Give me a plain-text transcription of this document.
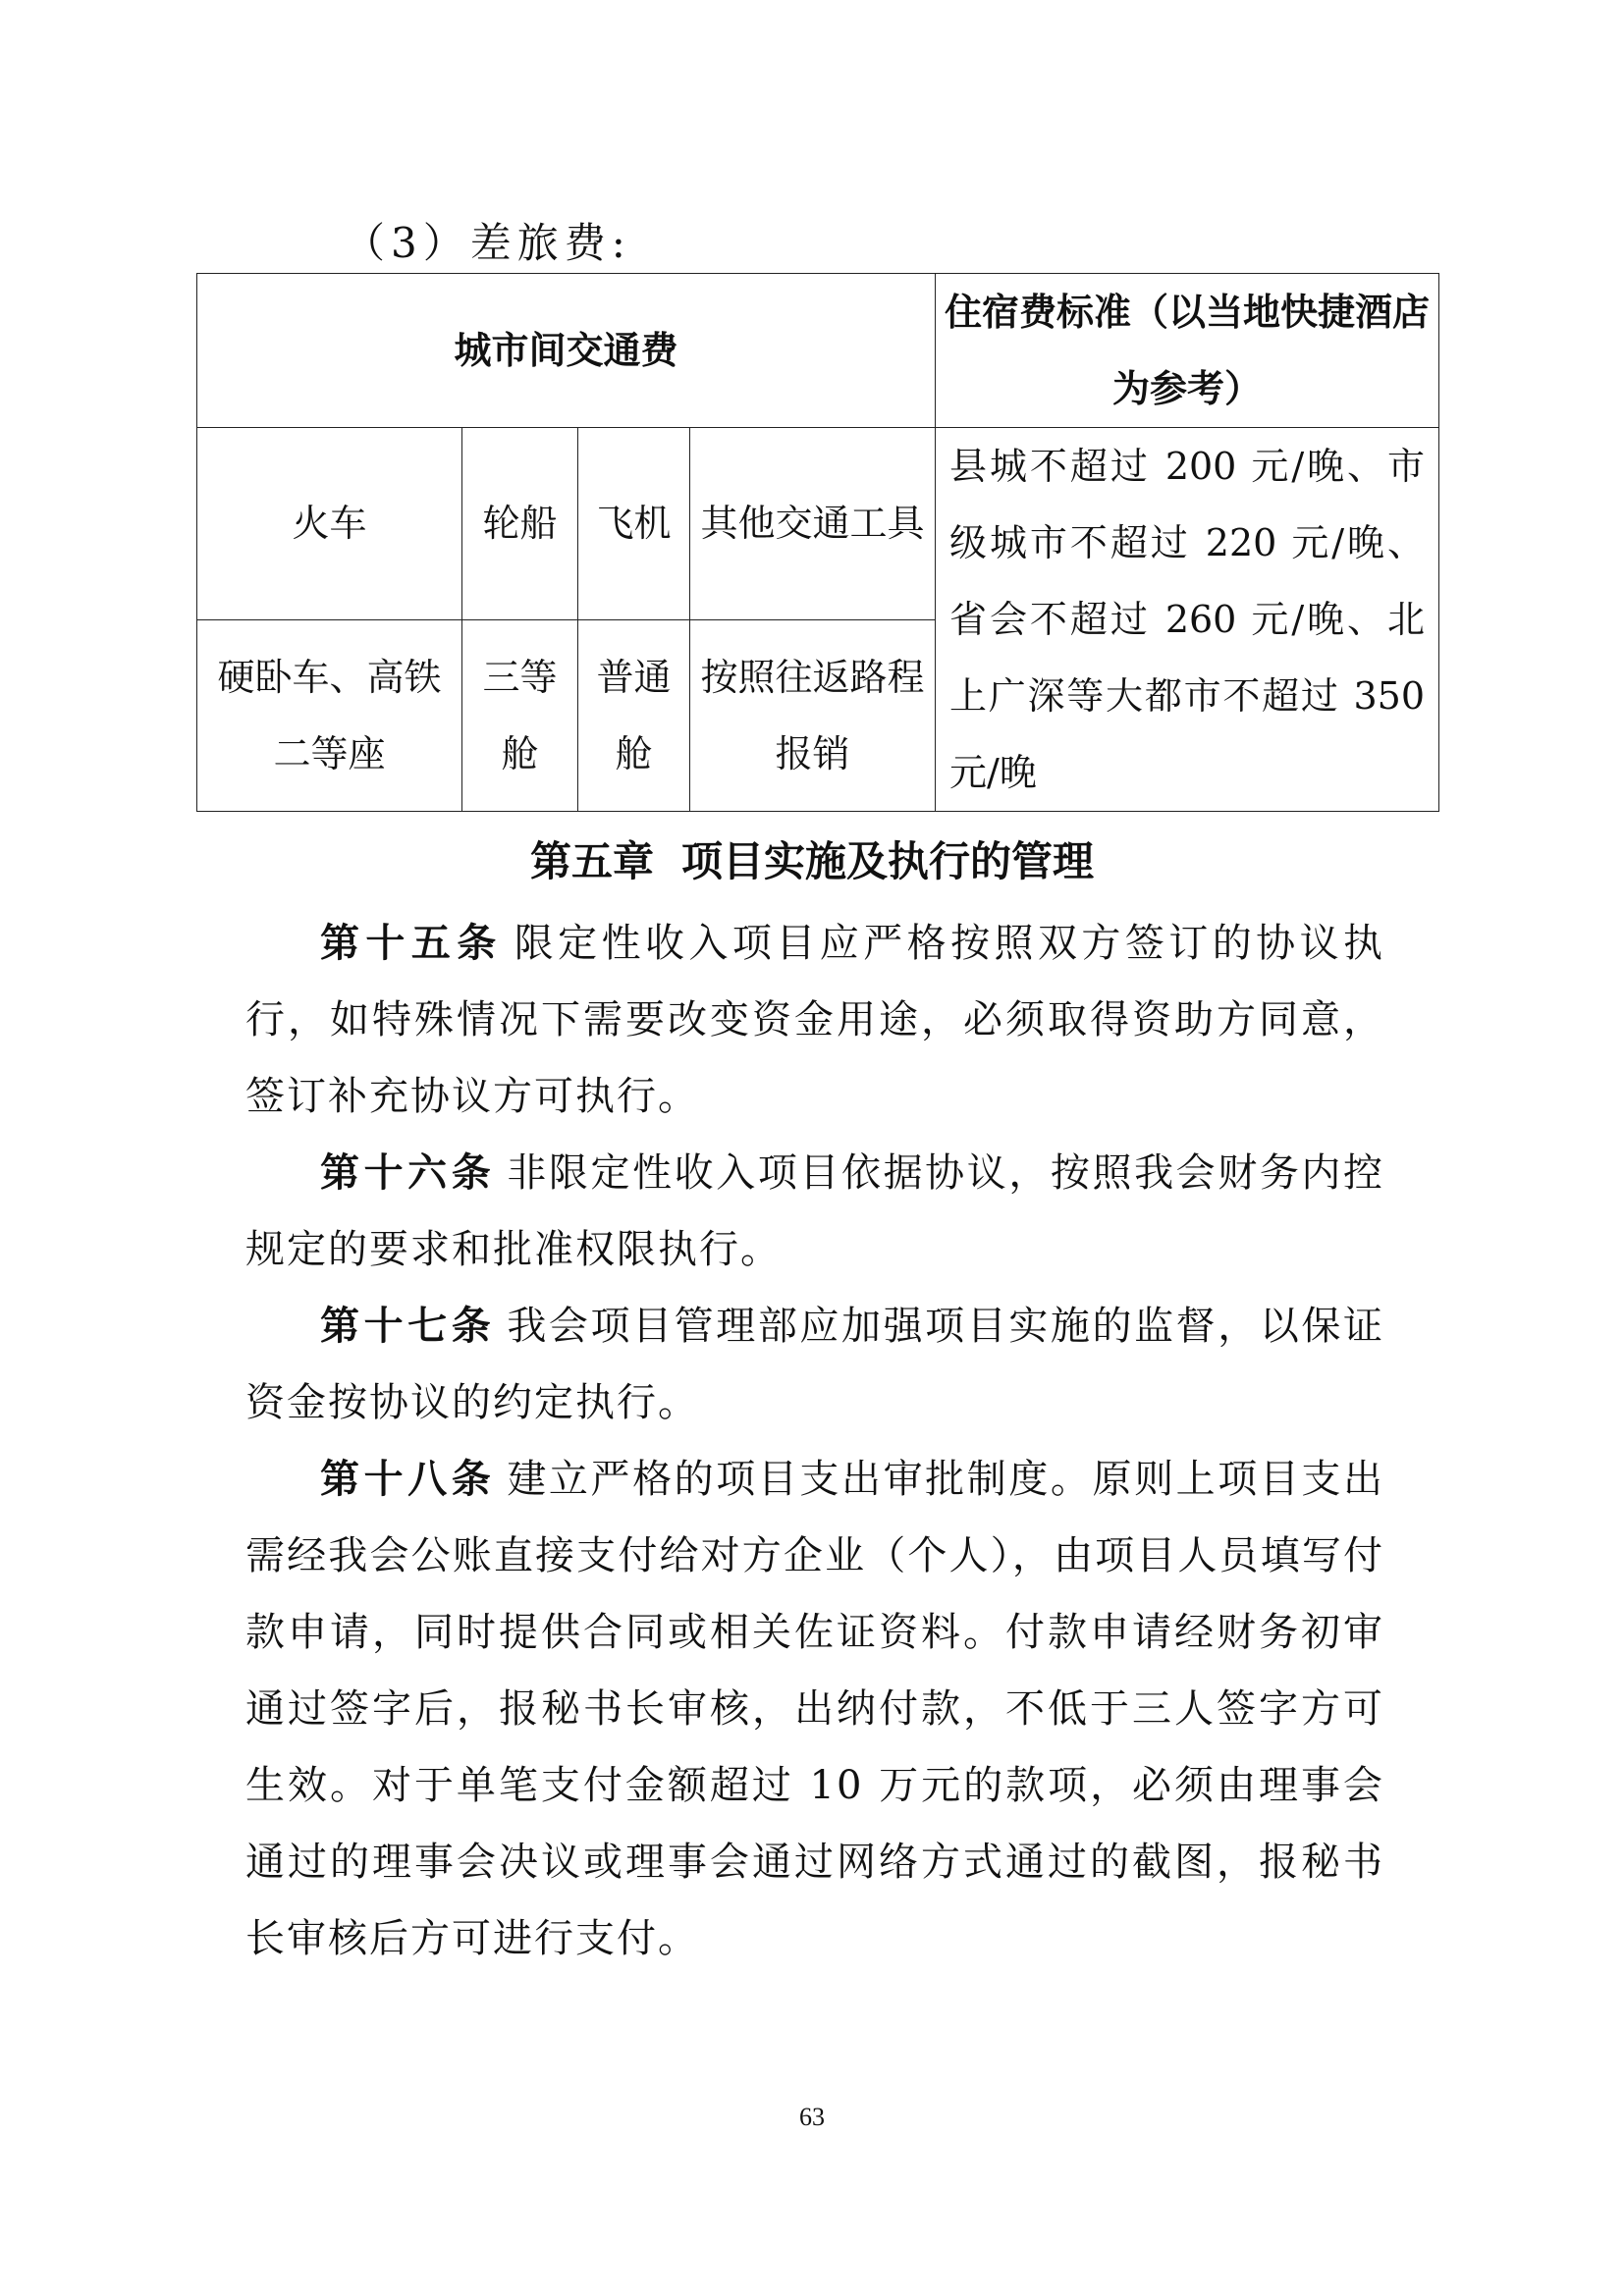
（3）差旅费:
城市间交通费				住宿费标准（以当地快捷酒店为参考）
火车	轮船	飞机	其他交通工具	县城不超过 200 元/晚、市级城市不超过 220 元/晚、省会不超过 260 元/晚、北上广深等大都市不超过 350 元/晚
硬卧车、高铁二等座	三等舱	普通舱	按照往返路程报销	
第五章 项目实施及执行的管理
第十五条 限定性收入项目应严格按照双方签订的协议执行，如特殊情况下需要改变资金用途，必须取得资助方同意，签订补充协议方可执行。
第十六条 非限定性收入项目依据协议，按照我会财务内控规定的要求和批准权限执行。
第十七条 我会项目管理部应加强项目实施的监督，以保证资金按协议的约定执行。
第十八条 建立严格的项目支出审批制度。原则上项目支出需经我会公账直接支付给对方企业（个人），由项目人员填写付款申请，同时提供合同或相关佐证资料。付款申请经财务初审通过签字后，报秘书长审核，出纳付款，不低于三人签字方可生效。对于单笔支付金额超过 10 万元的款项，必须由理事会通过的理事会决议或理事会通过网络方式通过的截图，报秘书长审核后方可进行支付。
63
